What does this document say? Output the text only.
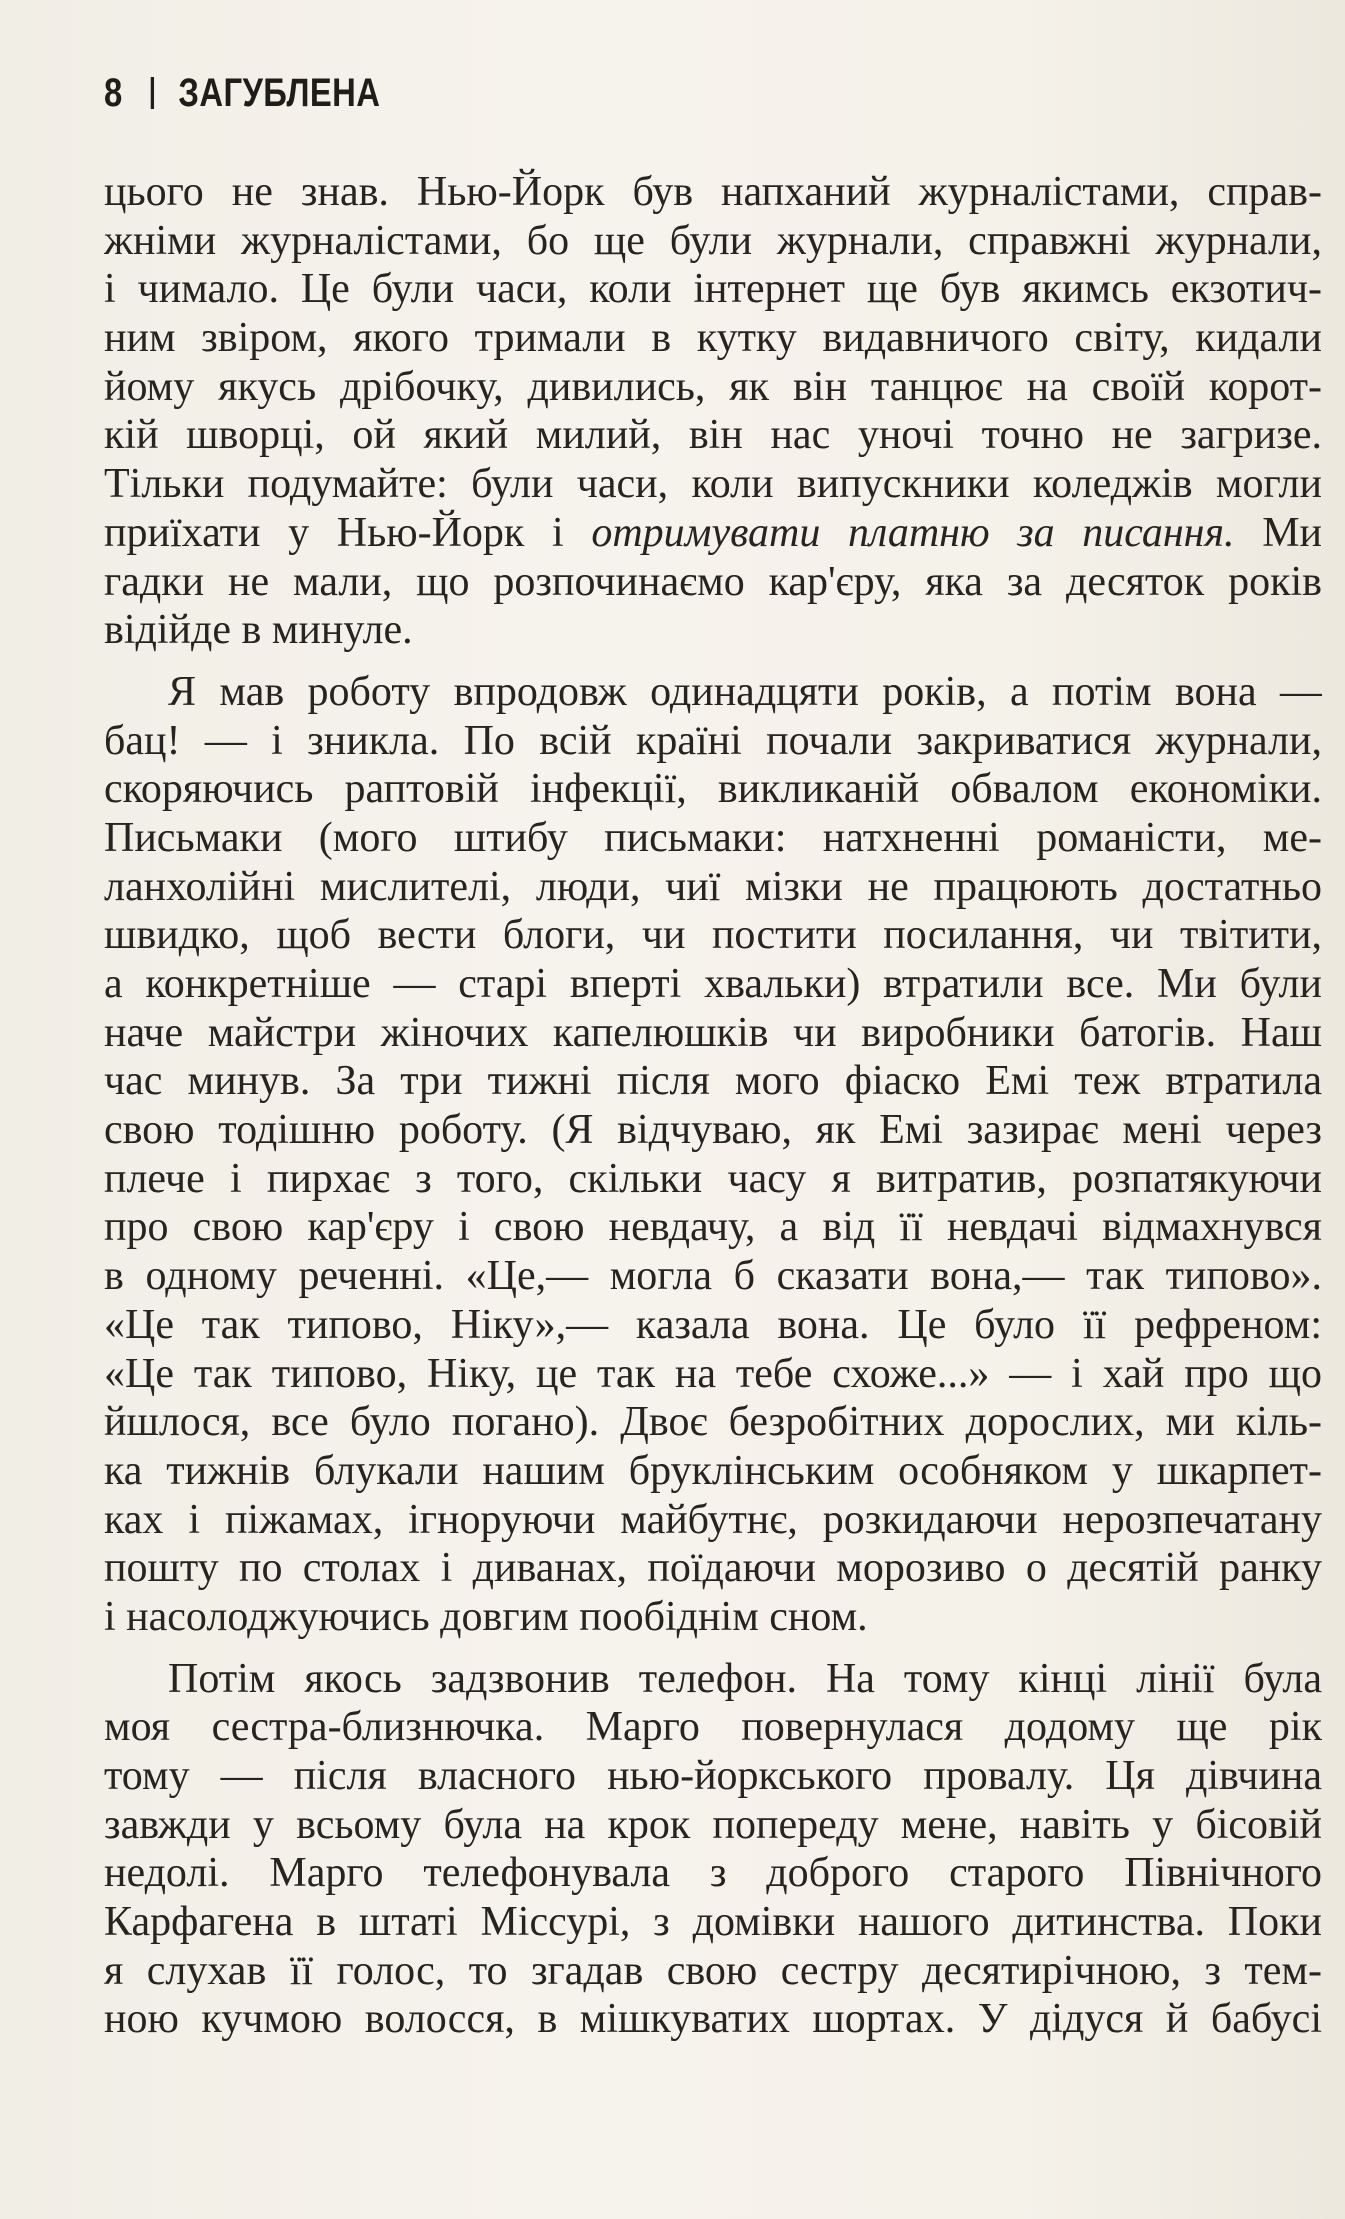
8 ЗАГУБЛЕНА
цього не знав. Нью-Йорк був напханий журналістами, справ-
жніми журналістами, бо ще були журнали, справжні журнали,
і чимало. Це були часи, коли інтернет ще був якимсь екзотич-
ним звіром, якого тримали в кутку видавничого світу, кидали
йому якусь дрібочку, дивились, як він танцює на своїй корот-
кій шворці, ой який милий, він нас уночі точно не загризе.
Тільки подумайте: були часи, коли випускники коледжів могли
приїхати у Нью-Йорк і отримувати платню за писання. Ми
гадки не мали, що розпочинаємо кар'єру, яка за десяток років
відійде в минуле.
Я мав роботу впродовж одинадцяти років, а потім вона —
бац! — і зникла. По всій країні почали закриватися журнали,
скоряючись раптовій інфекції, викликаній обвалом економіки.
Письмаки (мого штибу письмаки: натхненні романісти, ме-
ланхолійні мислителі, люди, чиї мізки не працюють достатньо
швидко, щоб вести блоги, чи постити посилання, чи твітити,
а конкретніше — старі вперті хвальки) втратили все. Ми були
наче майстри жіночих капелюшків чи виробники батогів. Наш
час минув. За три тижні після мого фіаско Емі теж втратила
свою тодішню роботу. (Я відчуваю, як Емі зазирає мені через
плече і пирхає з того, скільки часу я витратив, розпатякуючи
про свою кар'єру і свою невдачу, а від її невдачі відмахнувся
в одному реченні. «Це,— могла б сказати вона,— так типово».
«Це так типово, Ніку»,— казала вона. Це було її рефреном:
«Це так типово, Ніку, це так на тебе схоже...» — і хай про що
йшлося, все було погано). Двоє безробітних дорослих, ми кіль-
ка тижнів блукали нашим бруклінським особняком у шкарпет-
ках і піжамах, ігноруючи майбутнє, розкидаючи нерозпечатану
пошту по столах і диванах, поїдаючи морозиво о десятій ранку
і насолоджуючись довгим пообіднім сном.
Потім якось задзвонив телефон. На тому кінці лінії була
моя сестра-близнючка. Марго повернулася додому ще рік
тому — після власного нью-йоркського провалу. Ця дівчина
завжди у всьому була на крок попереду мене, навіть у бісовій
недолі. Марго телефонувала з доброго старого Північного
Карфагена в штаті Міссурі, з домівки нашого дитинства. Поки
я слухав її голос, то згадав свою сестру десятирічною, з тем-
ною кучмою волосся, в мішкуватих шортах. У дідуся й бабусі
